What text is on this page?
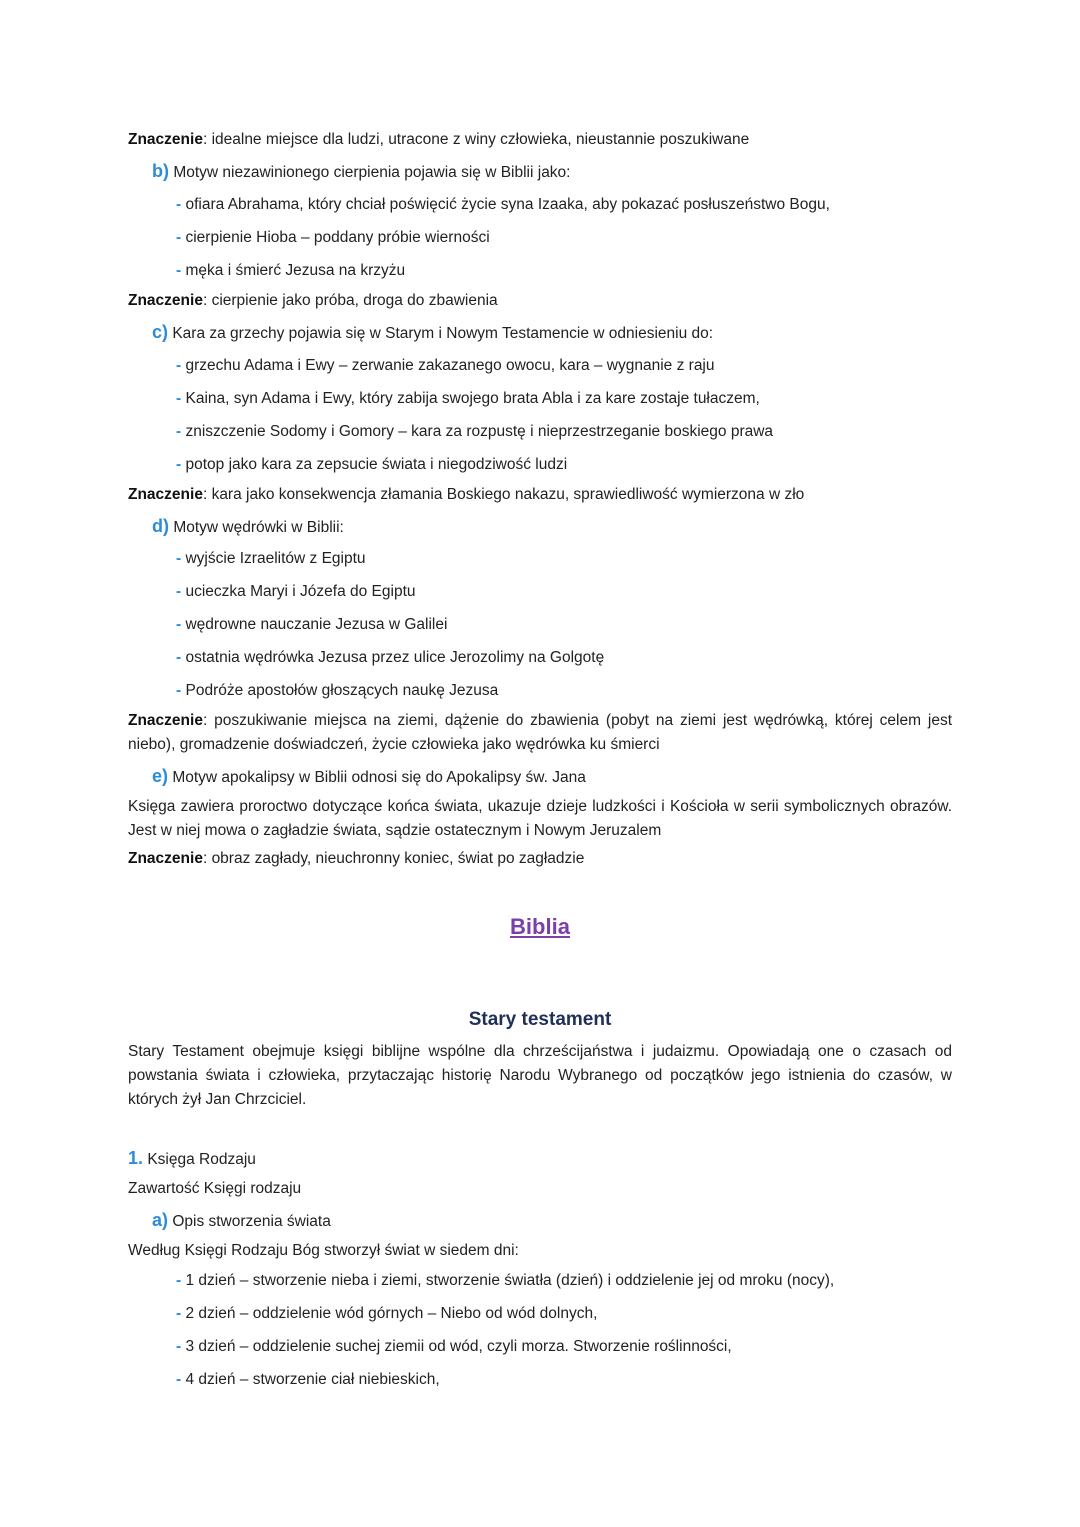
Znaczenie: idealne miejsce dla ludzi, utracone z winy człowieka, nieustannie poszukiwane
b) Motyw niezawinionego cierpienia pojawia się w Biblii jako:
- ofiara Abrahama, który chciał poświęcić życie syna Izaaka, aby pokazać posłuszeństwo Bogu,
- cierpienie Hioba – poddany próbie wierności
- męka i śmierć Jezusa na krzyżu
Znaczenie: cierpienie jako próba, droga do zbawienia
c) Kara za grzechy pojawia się w Starym i Nowym Testamencie w odniesieniu do:
- grzechu Adama i Ewy – zerwanie zakazanego owocu, kara – wygnanie z raju
- Kaina, syn Adama i Ewy, który zabija swojego brata Abla i za kare zostaje tułaczem,
- zniszczenie Sodomy i Gomory – kara za rozpustę i nieprzestrzeganie boskiego prawa
- potop jako kara za zepsucie świata i niegodziwość ludzi
Znaczenie: kara jako konsekwencja złamania Boskiego nakazu, sprawiedliwość wymierzona w zło
d) Motyw wędrówki w Biblii:
- wyjście Izraelitów z Egiptu
- ucieczka Maryi i Józefa do Egiptu
- wędrowne nauczanie Jezusa w Galilei
- ostatnia wędrówka Jezusa przez ulice Jerozolimy na Golgotę
- Podróże apostołów głoszących naukę Jezusa
Znaczenie: poszukiwanie miejsca na ziemi, dążenie do zbawienia (pobyt na ziemi jest wędrówką, której celem jest niebo), gromadzenie doświadczeń, życie człowieka jako wędrówka ku śmierci
e) Motyw apokalipsy w Biblii odnosi się do Apokalipsy św. Jana
Księga zawiera proroctwo dotyczące końca świata, ukazuje dzieje ludzkości i Kościoła w serii symbolicznych obrazów. Jest w niej mowa o zagładzie świata, sądzie ostatecznym i Nowym Jeruzalem
Znaczenie: obraz zagłady, nieuchronny koniec, świat po zagładzie
Biblia
Stary testament
Stary Testament obejmuje księgi biblijne wspólne dla chrześcijaństwa i judaizmu. Opowiadają one o czasach od powstania świata i człowieka, przytaczając historię Narodu Wybranego od początków jego istnienia do czasów, w których żył Jan Chrzciciel.
1. Księga Rodzaju
Zawartość Księgi rodzaju
a) Opis stworzenia świata
Według Księgi Rodzaju Bóg stworzył świat w siedem dni:
- 1 dzień – stworzenie nieba i ziemi, stworzenie światła (dzień) i oddzielenie jej od mroku (nocy),
- 2 dzień – oddzielenie wód górnych – Niebo od wód dolnych,
- 3 dzień – oddzielenie suchej ziemii od wód, czyli morza. Stworzenie roślinności,
- 4 dzień – stworzenie ciał niebieskich,
